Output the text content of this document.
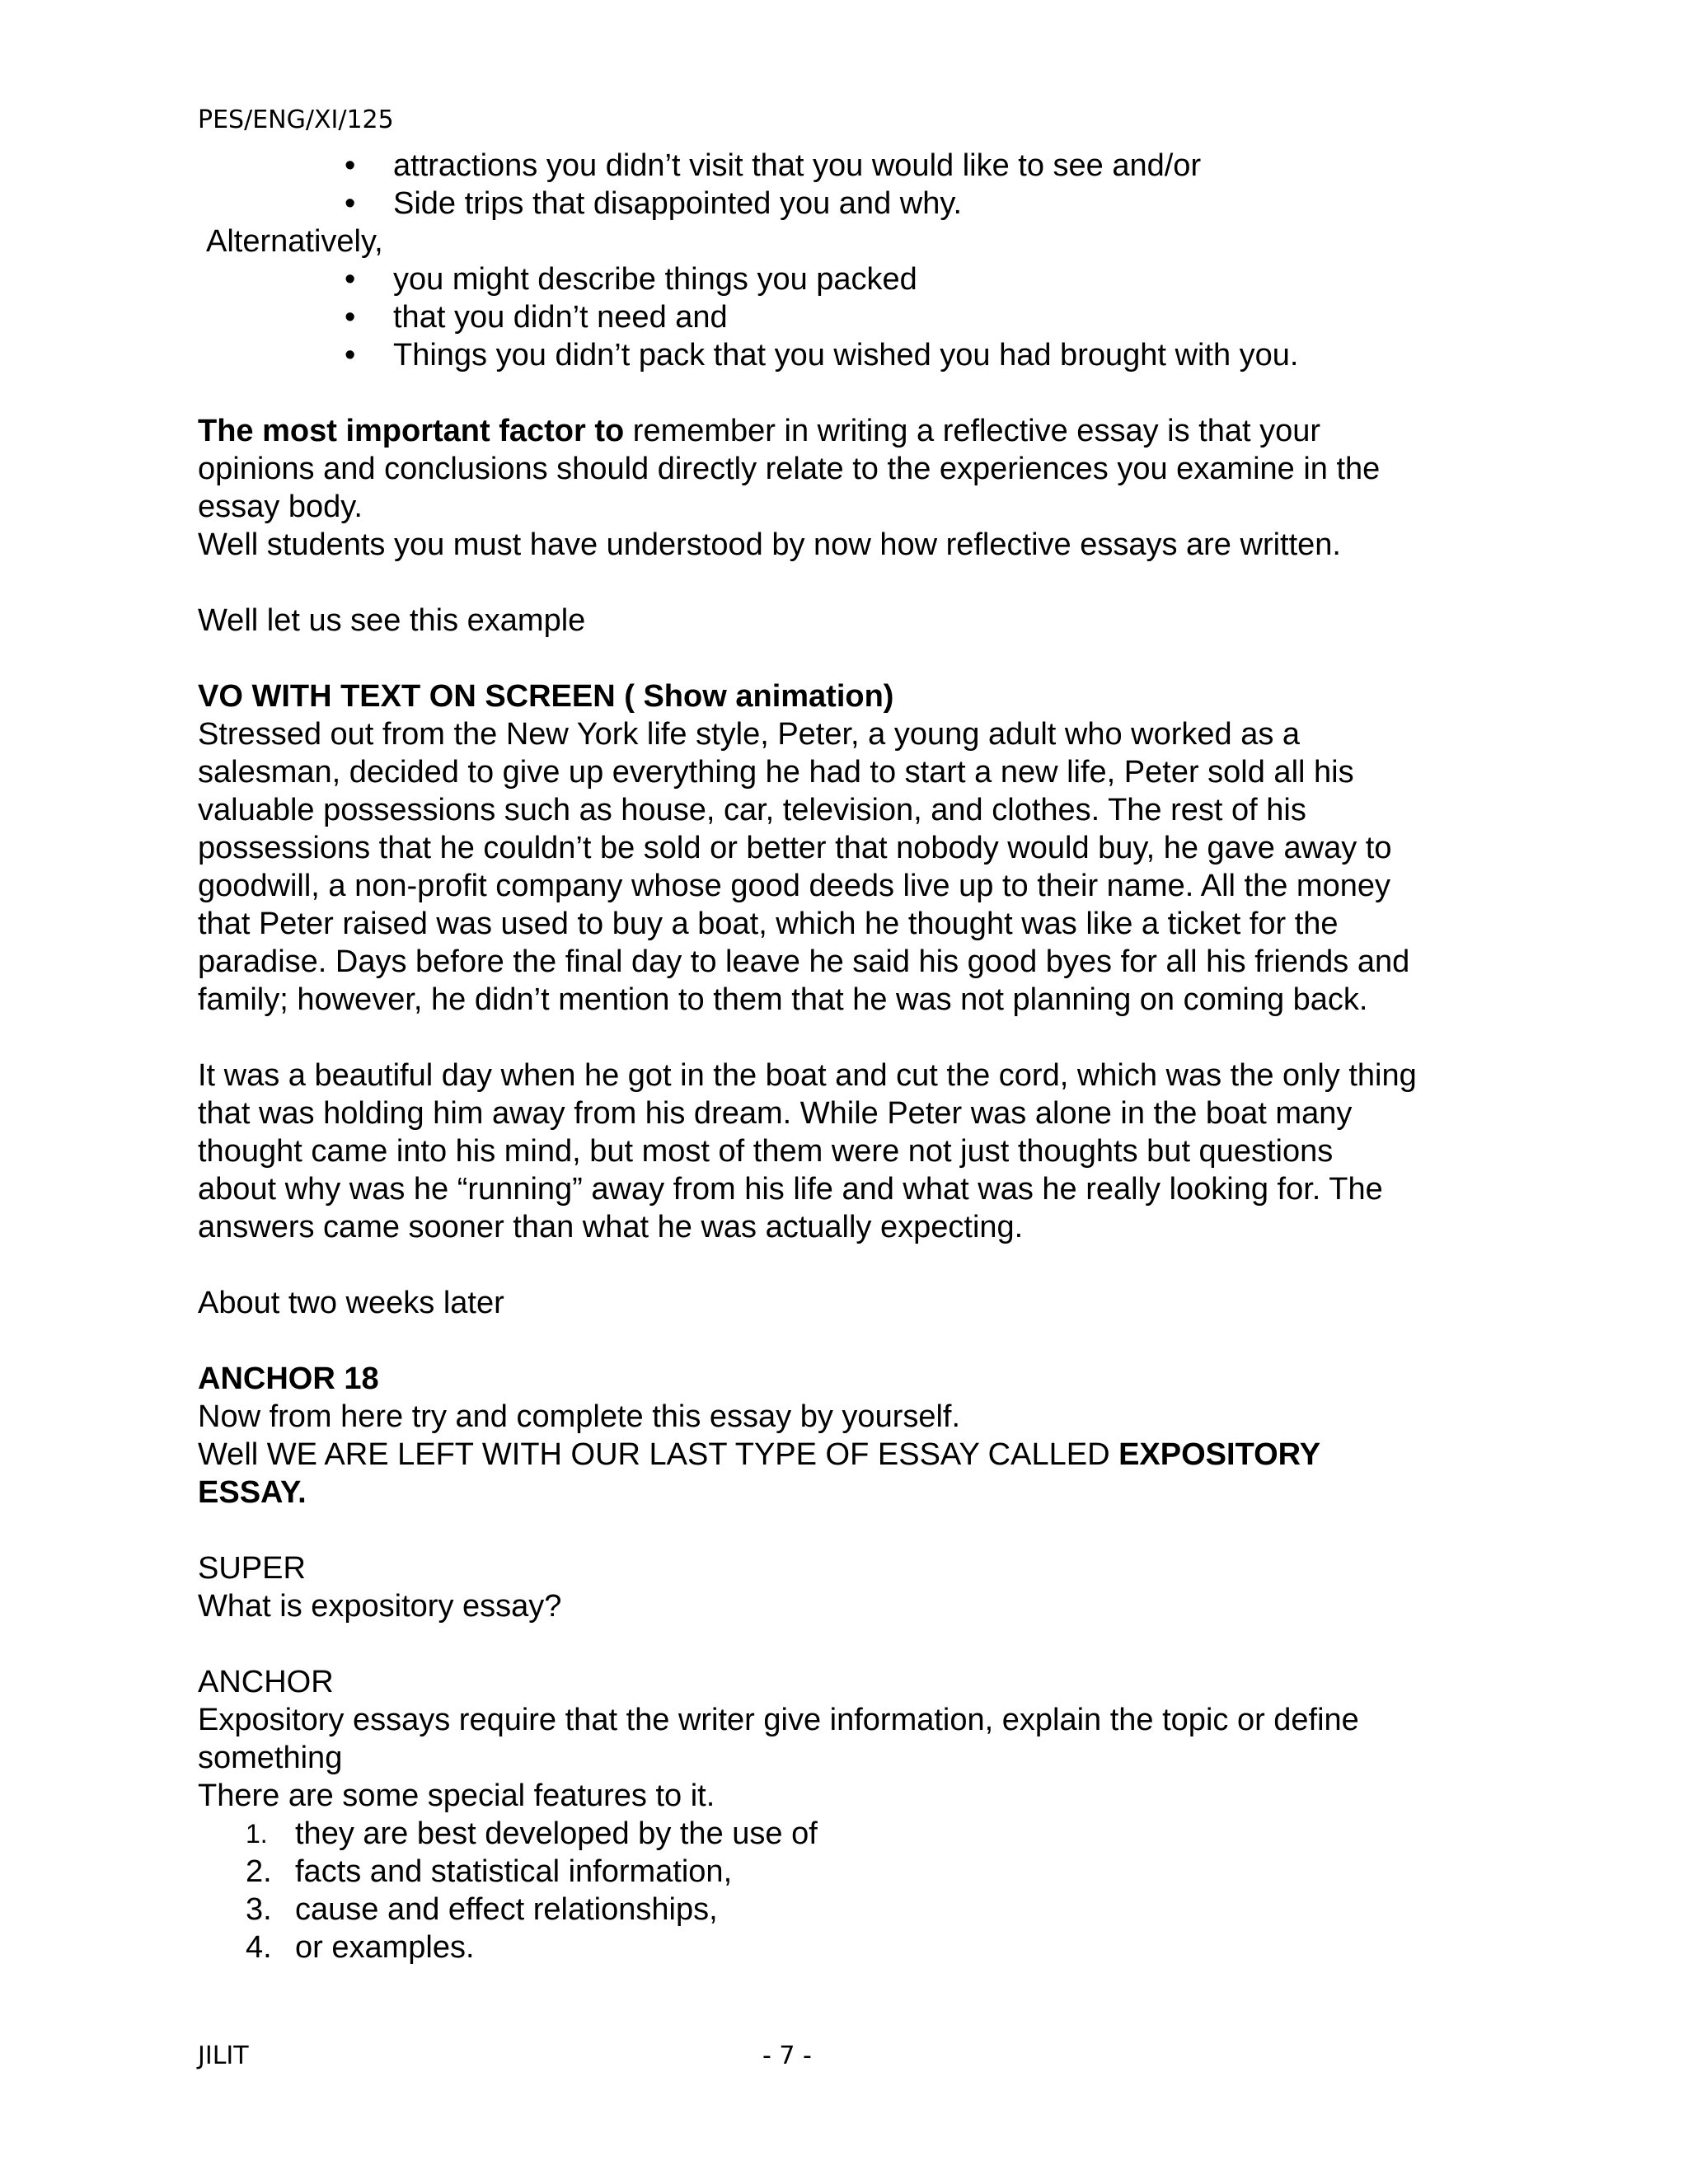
PES/ENG/XI/125

• attractions you didn’t visit that you would like to see and/or

• Side trips that disappointed you and why.

Alternatively,

• you might describe things you packed

• that you didn’t need and

• Things you didn’t pack that you wished you had brought with you.

The most important factor to remember in writing a reflective essay is that your

opinions and conclusions should directly relate to the experiences you examine in the

essay body.

Well students you must have understood by now how reflective essays are written.

Well let us see this example

VO WITH TEXT ON SCREEN ( Show animation)

Stressed out from the New York life style, Peter, a young adult who worked as a

salesman, decided to give up everything he had to start a new life, Peter sold all his

valuable possessions such as house, car, television, and clothes. The rest of his

possessions that he couldn’t be sold or better that nobody would buy, he gave away to

goodwill, a non-profit company whose good deeds live up to their name. All the money

that Peter raised was used to buy a boat, which he thought was like a ticket for the

paradise. Days before the final day to leave he said his good byes for all his friends and

family; however, he didn’t mention to them that he was not planning on coming back.

It was a beautiful day when he got in the boat and cut the cord, which was the only thing

that was holding him away from his dream. While Peter was alone in the boat many

thought came into his mind, but most of them were not just thoughts but questions

about why was he “running” away from his life and what was he really looking for. The

answers came sooner than what he was actually expecting.

About two weeks later

ANCHOR 18

Now from here try and complete this essay by yourself.

Well WE ARE LEFT WITH OUR LAST TYPE OF ESSAY CALLED EXPOSITORY

ESSAY.

SUPER

What is expository essay?

ANCHOR

Expository essays require that the writer give information, explain the topic or define

something

There are some special features to it.

1. they are best developed by the use of

2. facts and statistical information,

3. cause and effect relationships,

4. or examples.

JILIT	- 7 -
